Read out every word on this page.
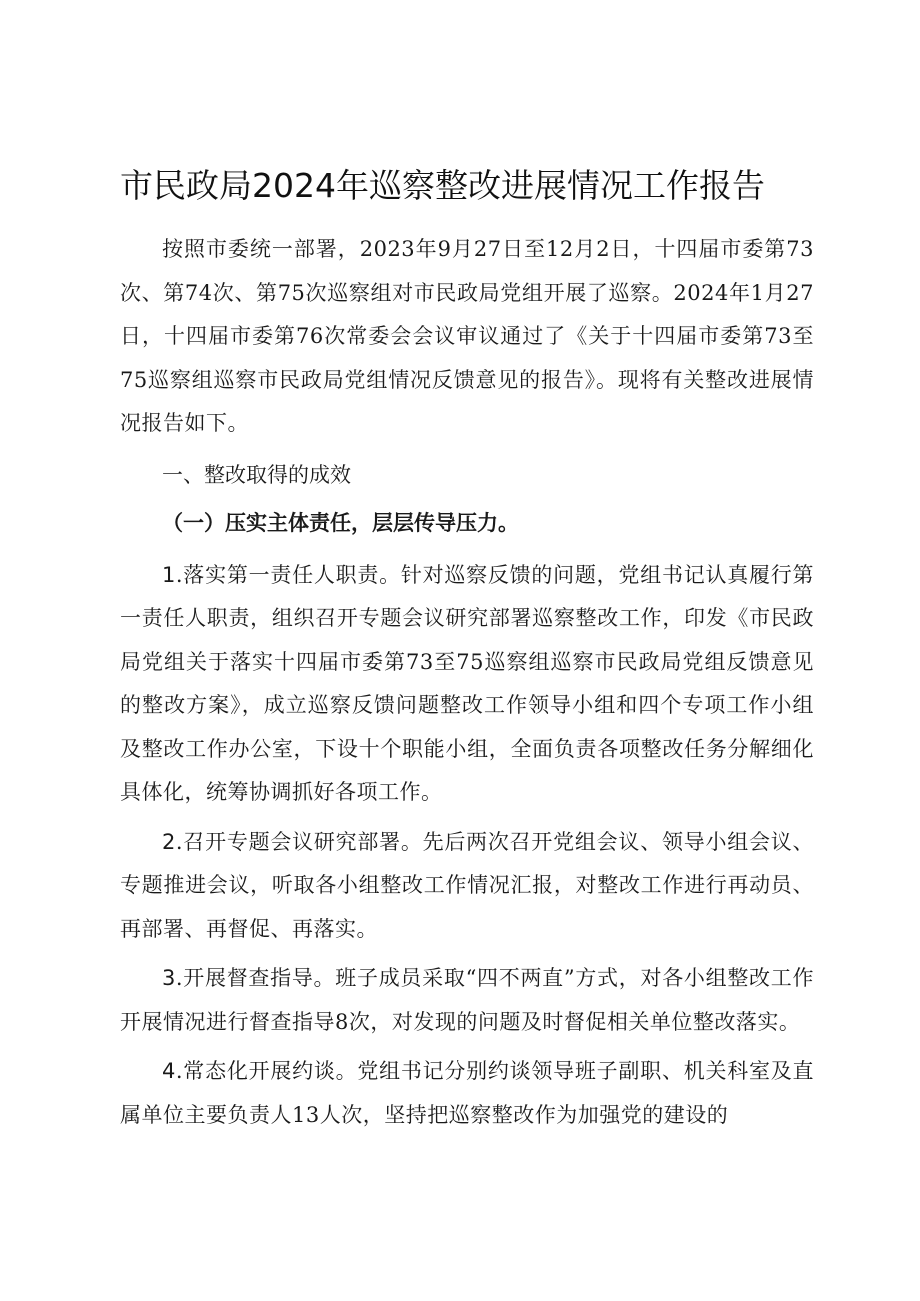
市民政局2024年巡察整改进展情况工作报告

按照市委统一部署，2023年9月27日至12月2日，十四届市委第73次、第74次、第75次巡察组对市民政局党组开展了巡察。2024年1月27日，十四届市委第76次常委会会议审议通过了《关于十四届市委第73至75巡察组巡察市民政局党组情况反馈意见的报告》。现将有关整改进展情况报告如下。

一、整改取得的成效
（一）压实主体责任，层层传导压力。

1.落实第一责任人职责。针对巡察反馈的问题，党组书记认真履行第一责任人职责，组织召开专题会议研究部署巡察整改工作，印发《市民政局党组关于落实十四届市委第73至75巡察组巡察市民政局党组反馈意见的整改方案》，成立巡察反馈问题整改工作领导小组和四个专项工作小组及整改工作办公室，下设十个职能小组，全面负责各项整改任务分解细化具体化，统筹协调抓好各项工作。

2.召开专题会议研究部署。先后两次召开党组会议、领导小组会议、专题推进会议，听取各小组整改工作情况汇报，对整改工作进行再动员、再部署、再督促、再落实。

3.开展督查指导。班子成员采取“四不两直”方式，对各小组整改工作开展情况进行督查指导8次，对发现的问题及时督促相关单位整改落实。

4.常态化开展约谈。党组书记分别约谈领导班子副职、机关科室及直属单位主要负责人13人次，坚持把巡察整改作为加强党的建设的
